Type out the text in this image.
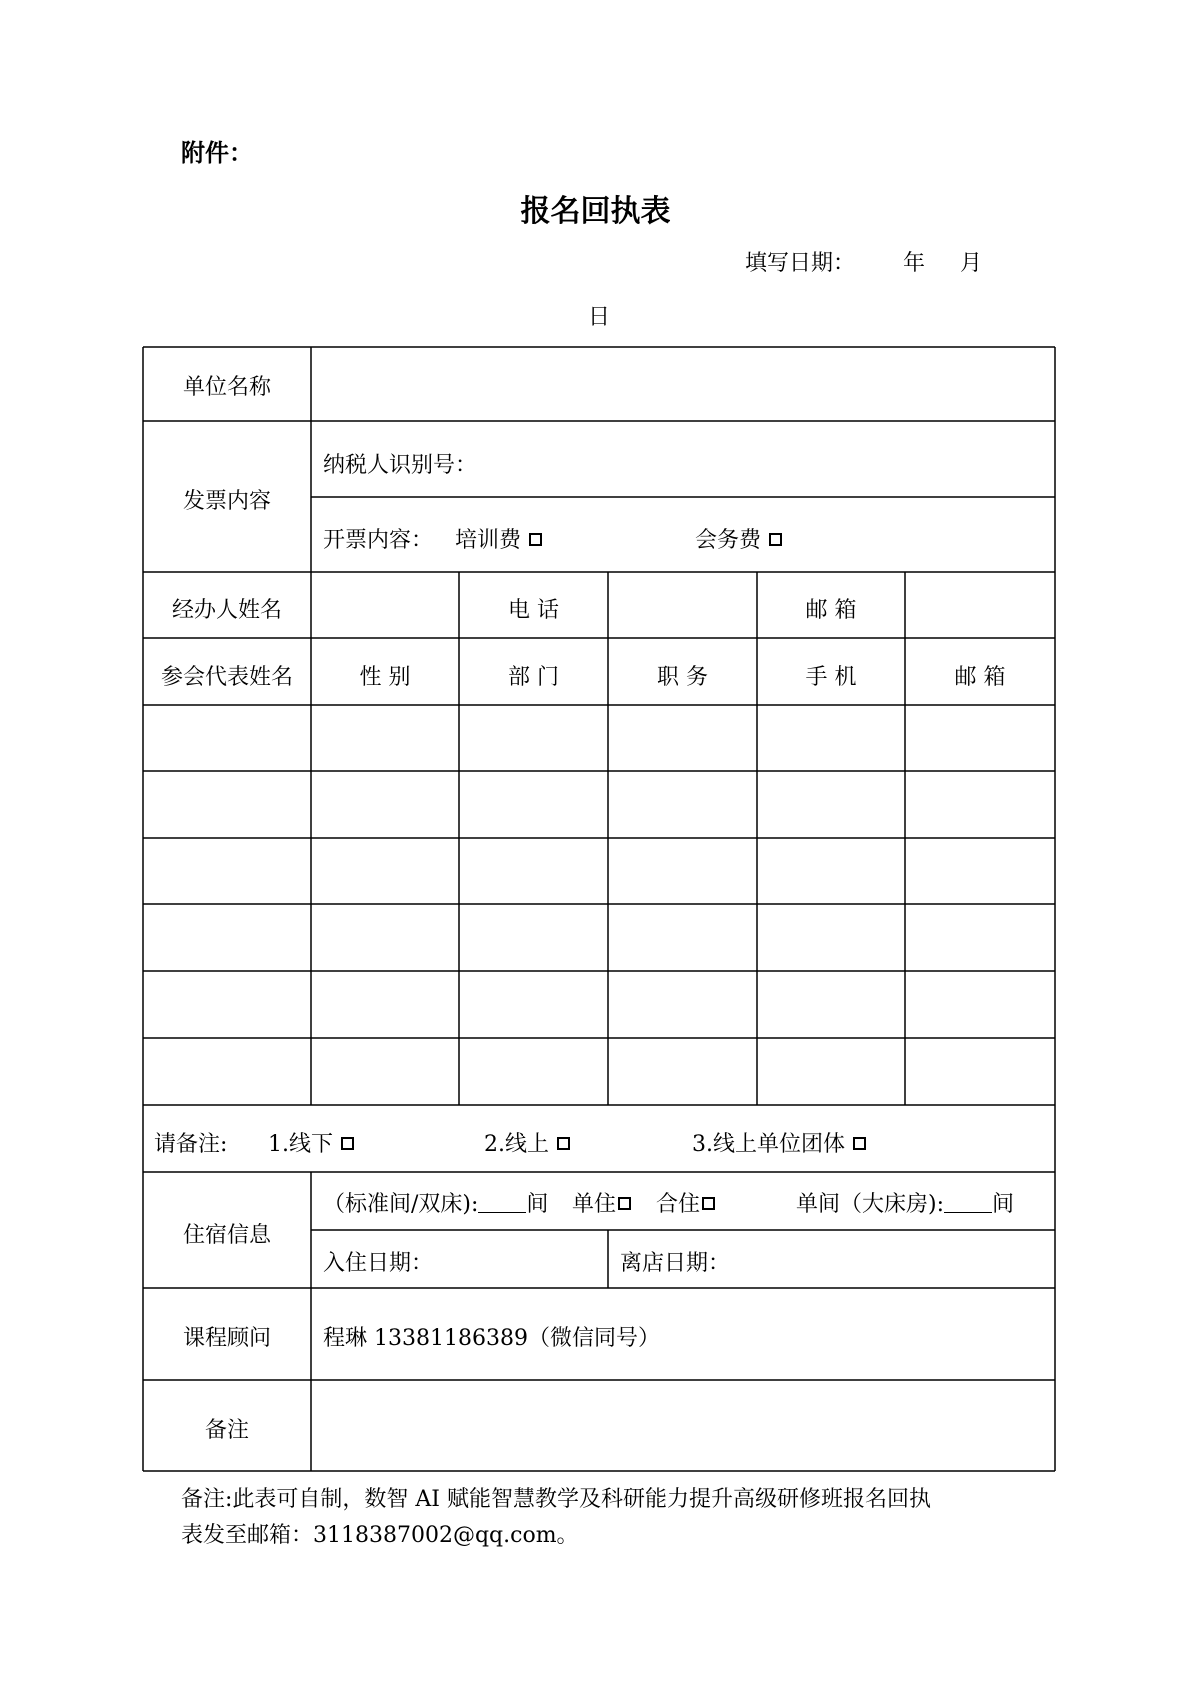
附件：
报名回执表
填写日期： 年 月
日
单位名称
发票内容
纳税人识别号：
开票内容： 培训费	会务费
经办人姓名	电 话	邮 箱
参会代表姓名	性 别	部 门	职 务	手 机	邮 箱
请备注: 1.线下	2.线上	3.线上单位团体
住宿信息
（标准间/双床): 间 单住	合住	单间（大床房): 间
入住日期：	离店日期：
课程顾问	程琳 13381186389（微信同号）
备注
备注:此表可自制，数智 AI 赋能智慧教学及科研能力提升高级研修班报名回执
表发至邮箱：3118387002@qq.com。
